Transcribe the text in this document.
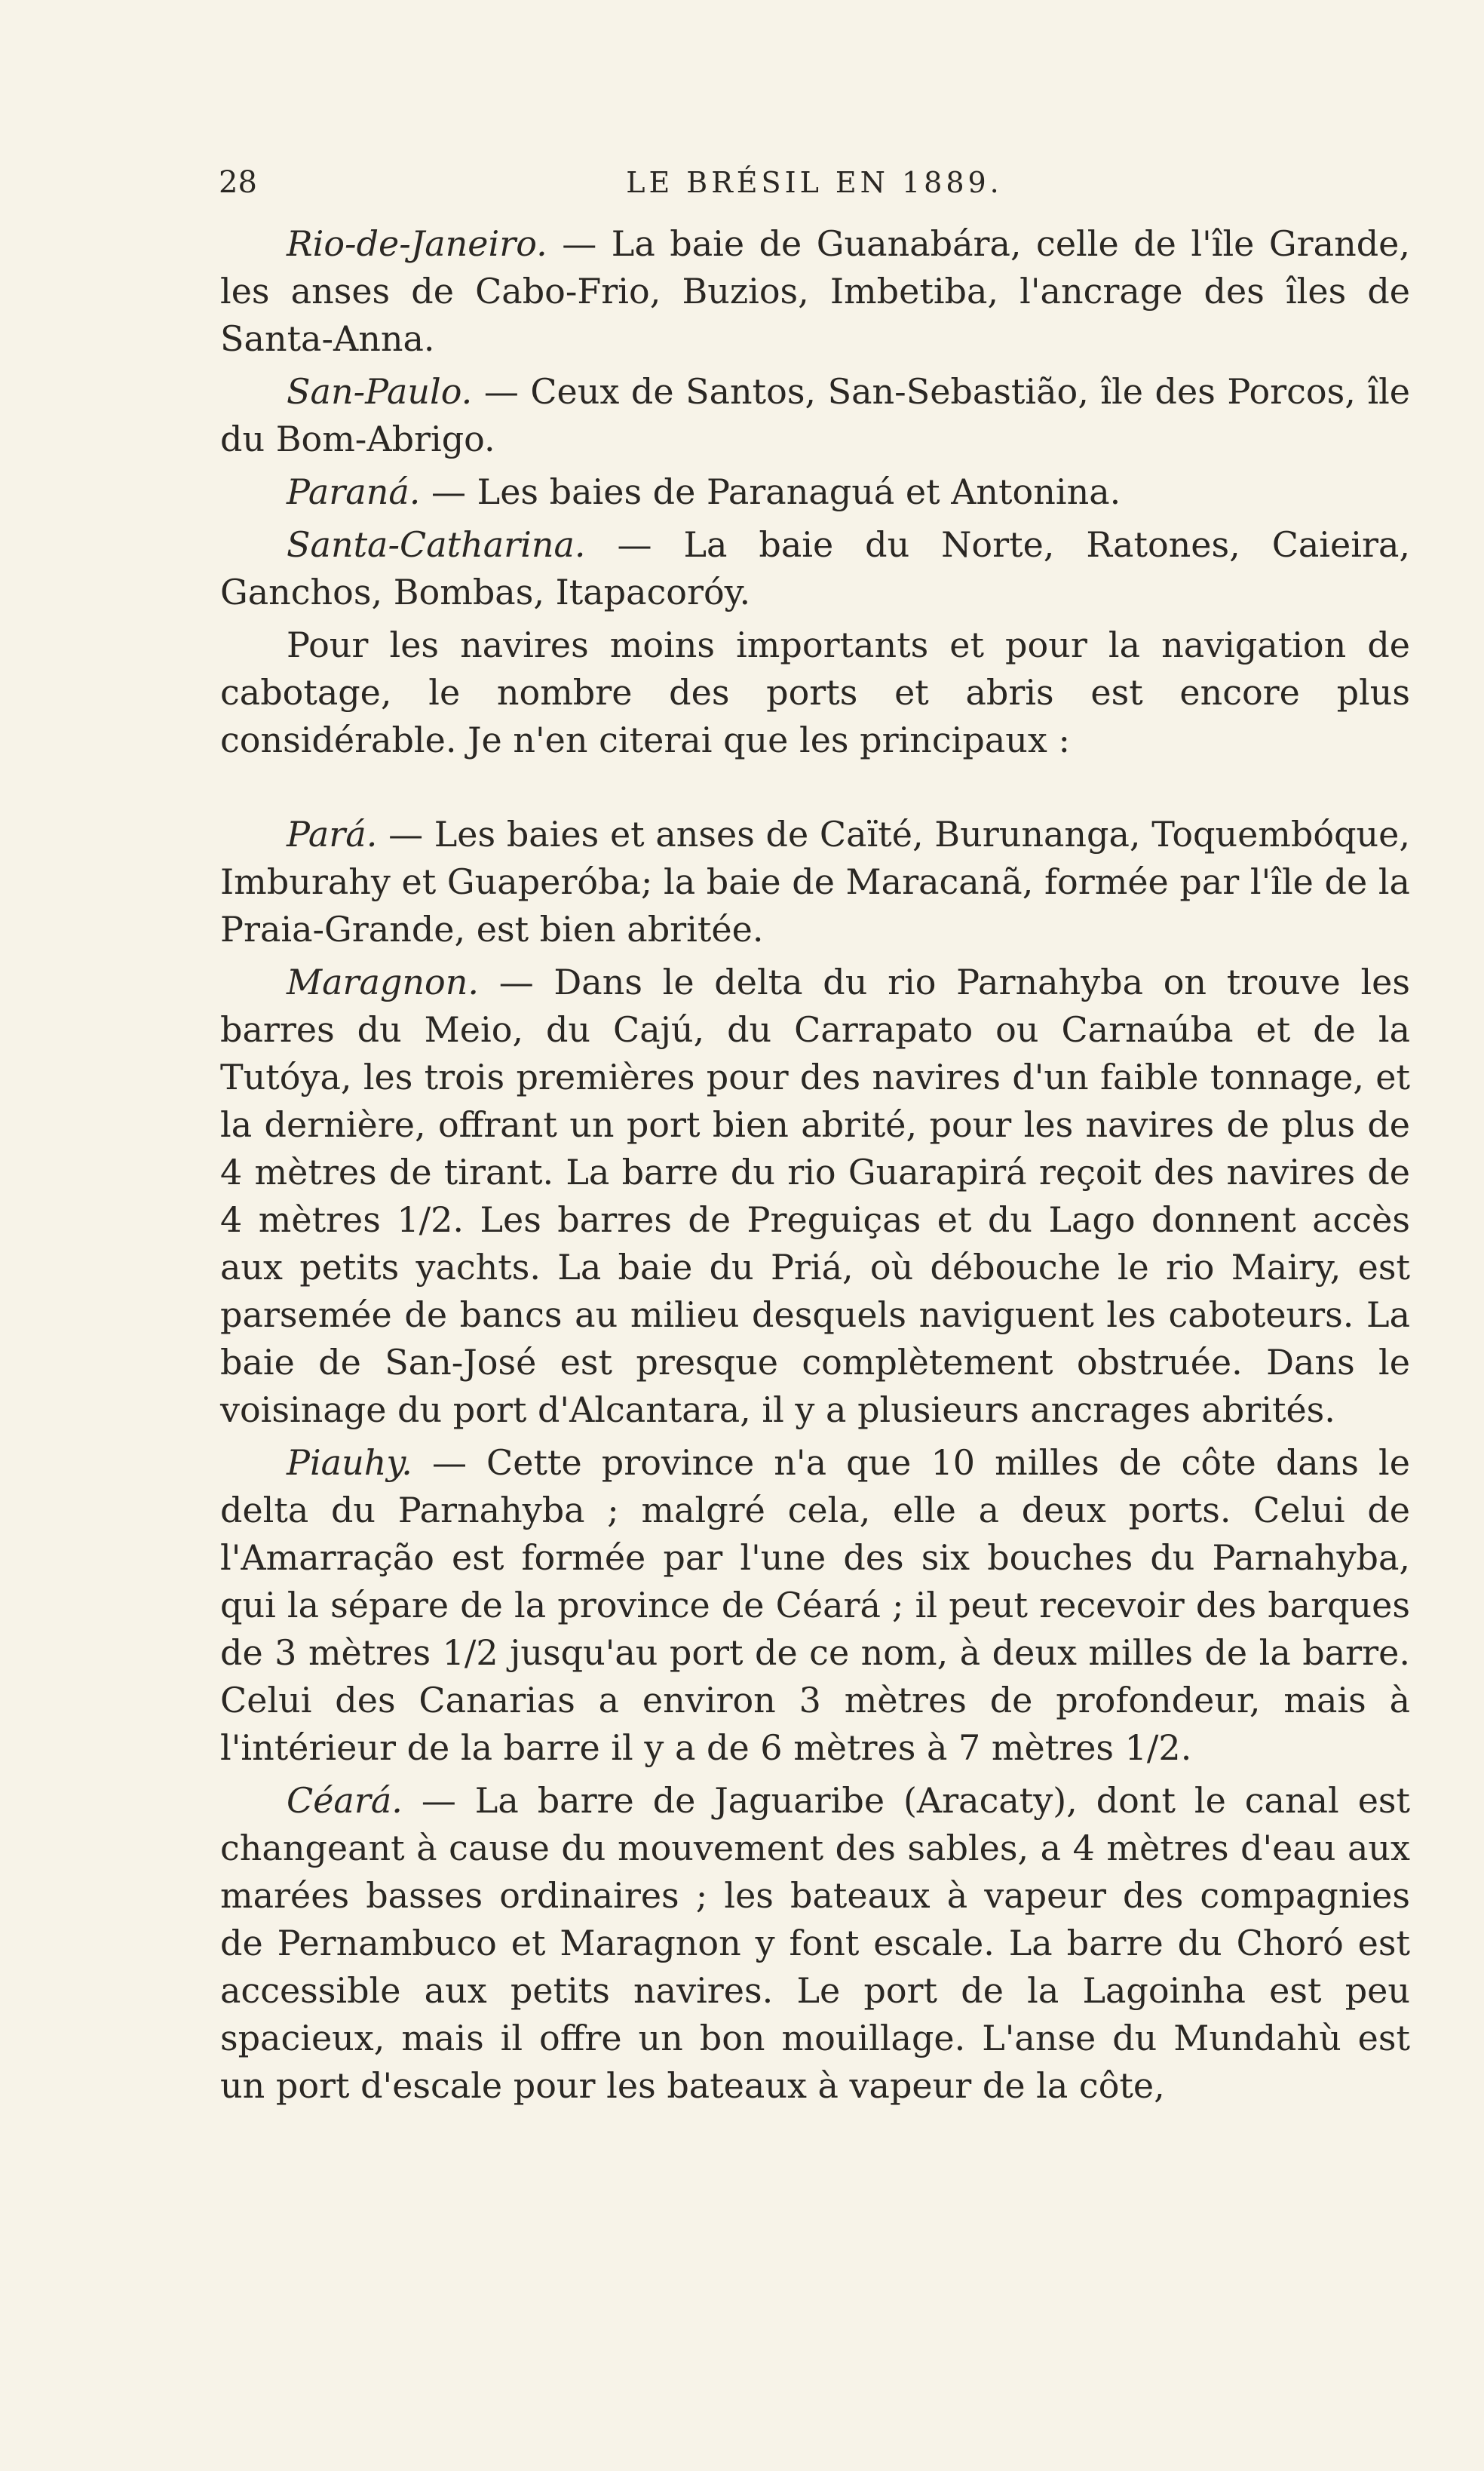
28	LE BRÉSIL EN 1889.

Rio-de-Janeiro. — La baie de Guanabára, celle de l'île Grande, les anses de Cabo-Frio, Buzios, Imbetiba, l'ancrage des îles de Santa-Anna.

San-Paulo. — Ceux de Santos, San-Sebastião, île des Porcos, île du Bom-Abrigo.

Paraná. — Les baies de Paranaguá et Antonina.

Santa-Catharina. — La baie du Norte, Ratones, Caieira, Ganchos, Bombas, Itapacoróy.

Pour les navires moins importants et pour la navigation de cabotage, le nombre des ports et abris est encore plus considérable. Je n'en citerai que les principaux :

Pará. — Les baies et anses de Caïté, Burunanga, Toquembóque, Imburahy et Guaperóba; la baie de Maracanã, formée par l'île de la Praia-Grande, est bien abritée.

Maragnon. — Dans le delta du rio Parnahyba on trouve les barres du Meio, du Cajú, du Carrapato ou Carnaúba et de la Tutóya, les trois premières pour des navires d'un faible tonnage, et la dernière, offrant un port bien abrité, pour les navires de plus de 4 mètres de tirant. La barre du rio Guarapirá reçoit des navires de 4 mètres 1/2. Les barres de Preguiças et du Lago donnent accès aux petits yachts. La baie du Priá, où débouche le rio Mairy, est parsemée de bancs au milieu desquels naviguent les caboteurs. La baie de San-José est presque complètement obstruée. Dans le voisinage du port d'Alcantara, il y a plusieurs ancrages abrités.

Piauhy. — Cette province n'a que 10 milles de côte dans le delta du Parnahyba ; malgré cela, elle a deux ports. Celui de l'Amarração est formée par l'une des six bouches du Parnahyba, qui la sépare de la province de Céará ; il peut recevoir des barques de 3 mètres 1/2 jusqu'au port de ce nom, à deux milles de la barre. Celui des Canarias a environ 3 mètres de profondeur, mais à l'intérieur de la barre il y a de 6 mètres à 7 mètres 1/2.

Céará. — La barre de Jaguaribe (Aracaty), dont le canal est changeant à cause du mouvement des sables, a 4 mètres d'eau aux marées basses ordinaires ; les bateaux à vapeur des compagnies de Pernambuco et Maragnon y font escale. La barre du Choró est accessible aux petits navires. Le port de la Lagoinha est peu spacieux, mais il offre un bon mouillage. L'anse du Mundahù est un port d'escale pour les bateaux à vapeur de la côte,
